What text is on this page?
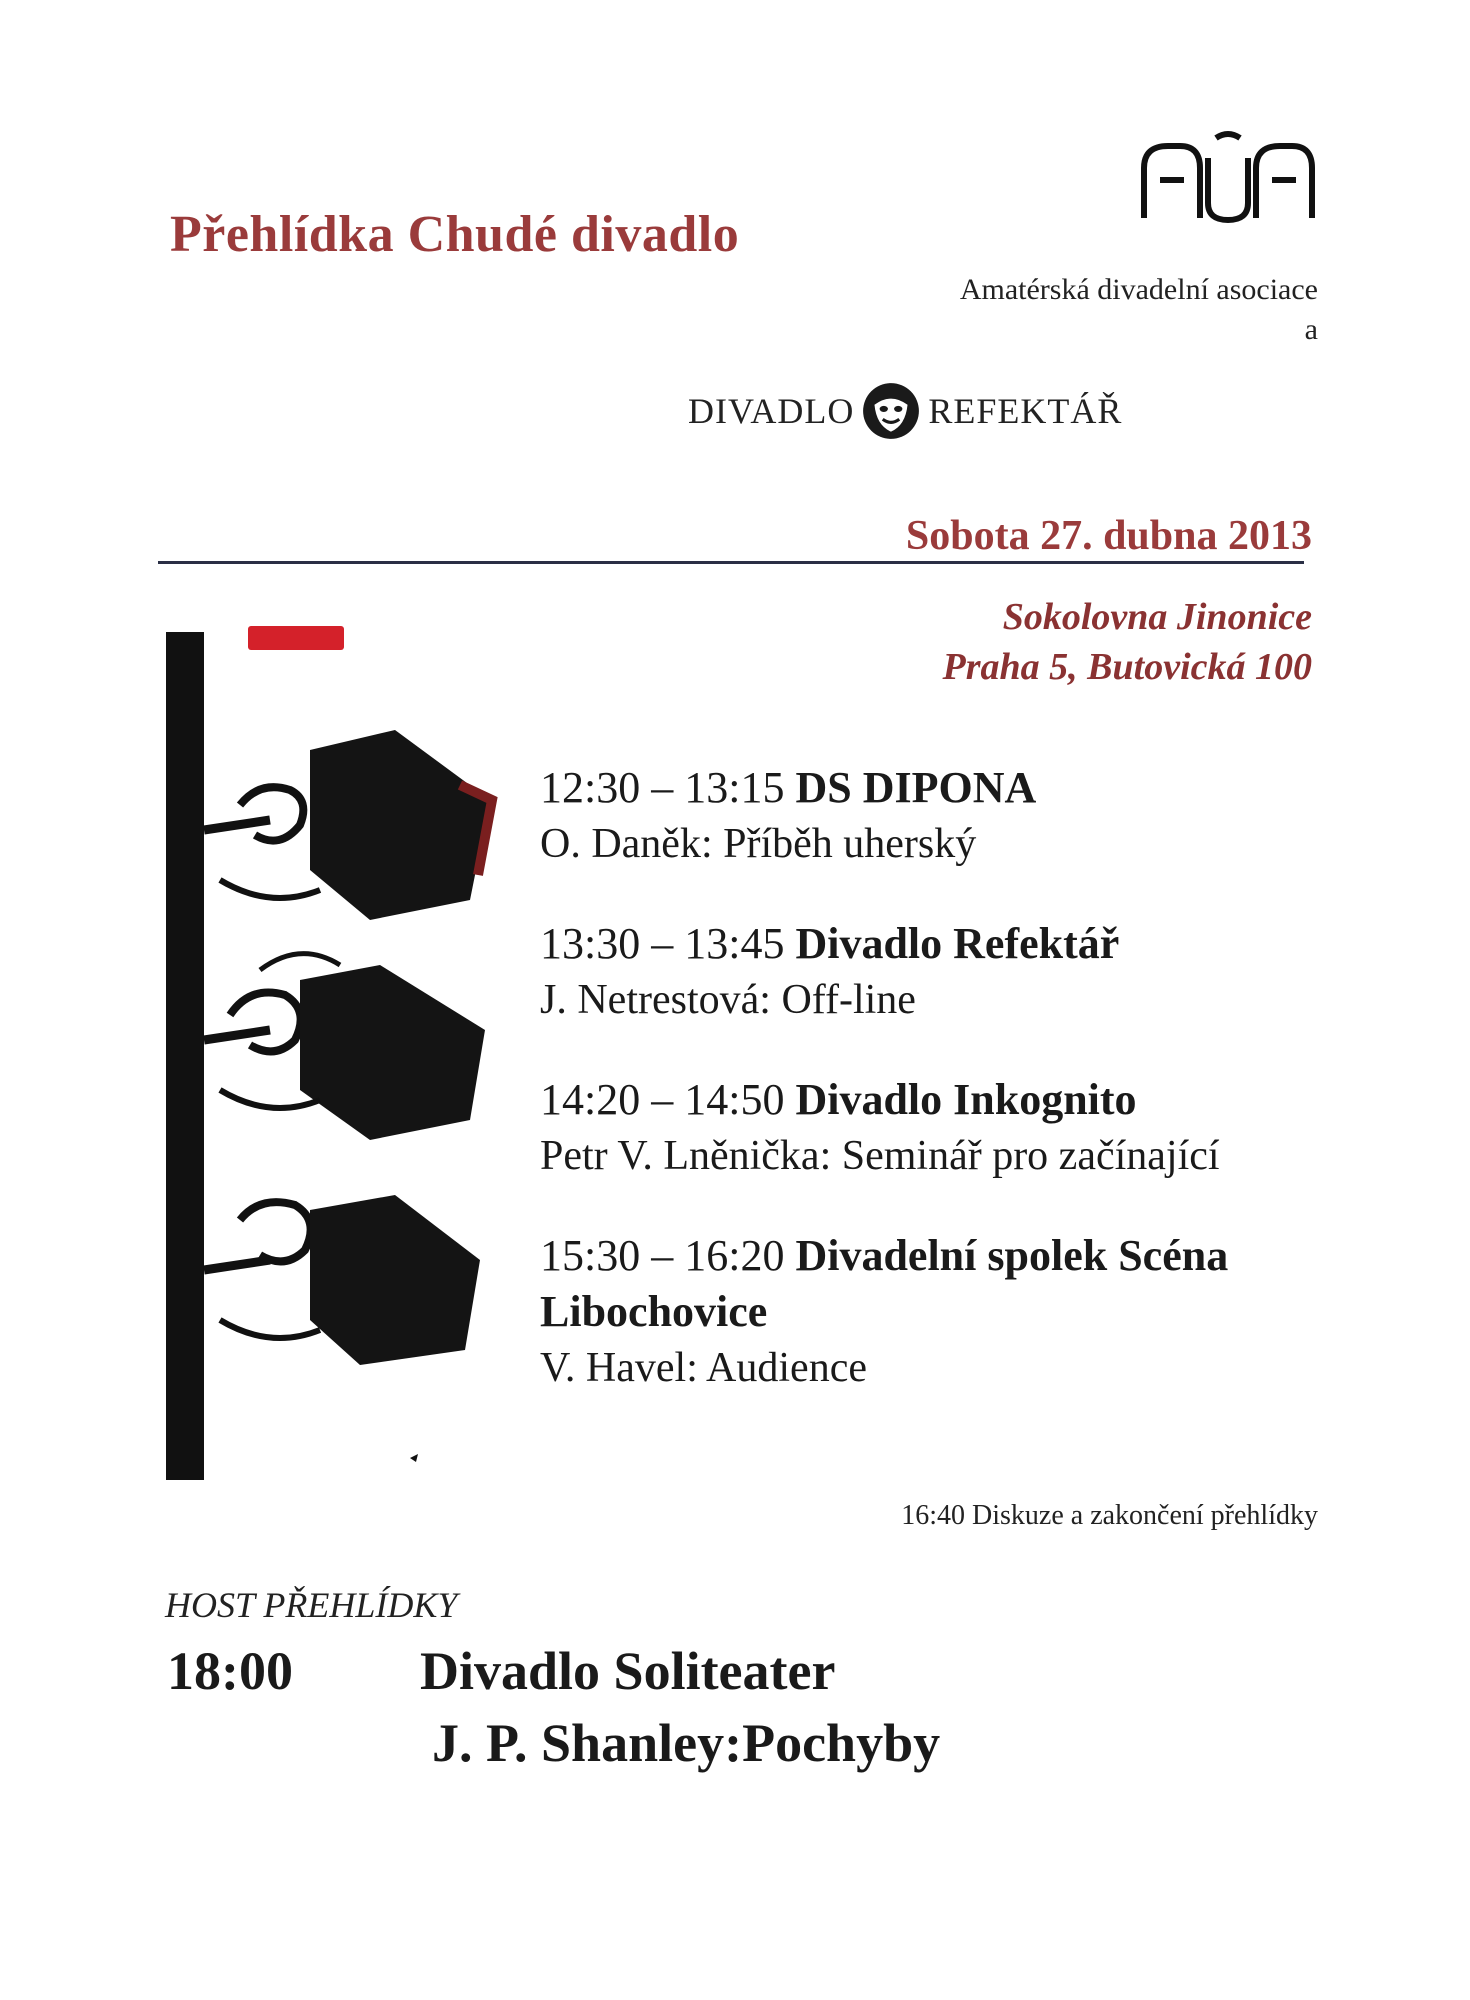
Přehlídka Chudé divadlo
Amatérská divadelní asociace
a
DIVADLO REFEKTÁŘ
Sobota 27. dubna 2013
Sokolovna Jinonice
Praha 5, Butovická 100
12:30 – 13:15 DS DIPONA
O. Daněk: Příběh uherský
13:30 – 13:45 Divadlo Refektář
J. Netrestová: Off-line
14:20 – 14:50 Divadlo Inkognito
Petr V. Lněnička: Seminář pro začínající
15:30 – 16:20 Divadelní spolek Scéna Libochovice
V. Havel: Audience
16:40 Diskuze a zakončení přehlídky
HOST PŘEHLÍDKY
18:00 Divadlo Soliteater
J. P. Shanley:Pochyby
